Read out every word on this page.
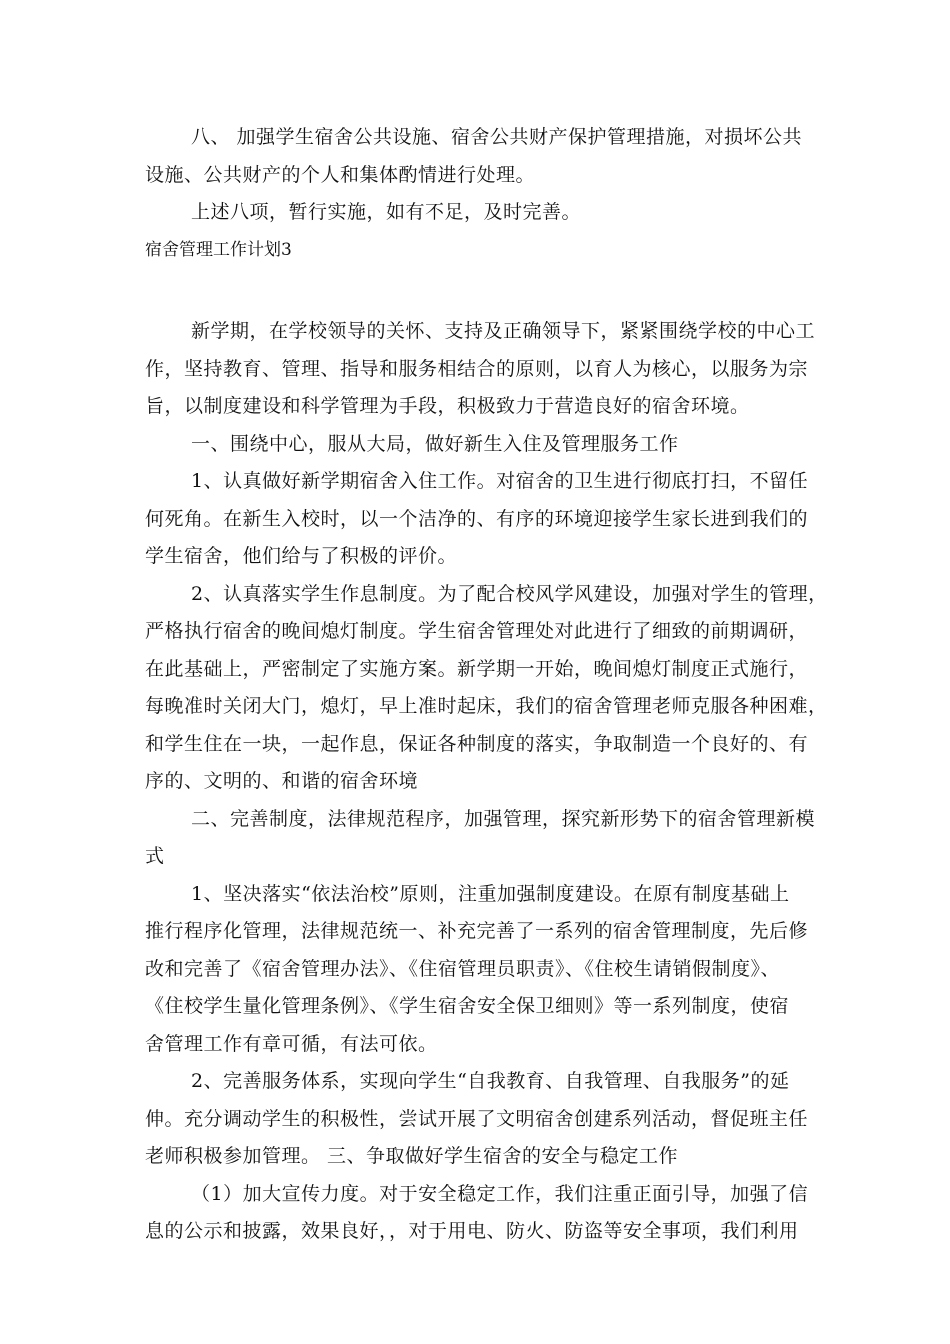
八、 加强学生宿舍公共设施、宿舍公共财产保护管理措施，对损坏公共
设施、公共财产的个人和集体酌情进行处理。
上述八项，暂行实施，如有不足，及时完善。
宿舍管理工作计划3
新学期，在学校领导的关怀、支持及正确领导下，紧紧围绕学校的中心工
作，坚持教育、管理、指导和服务相结合的原则，以育人为核心，以服务为宗
旨，以制度建设和科学管理为手段，积极致力于营造良好的宿舍环境。
一、围绕中心，服从大局，做好新生入住及管理服务工作
1、认真做好新学期宿舍入住工作。对宿舍的卫生进行彻底打扫，不留任
何死角。在新生入校时，以一个洁净的、有序的环境迎接学生家长进到我们的
学生宿舍，他们给与了积极的评价。
2、认真落实学生作息制度。为了配合校风学风建设，加强对学生的管理，
严格执行宿舍的晚间熄灯制度。学生宿舍管理处对此进行了细致的前期调研，
在此基础上，严密制定了实施方案。新学期一开始，晚间熄灯制度正式施行，
每晚准时关闭大门，熄灯，早上准时起床，我们的宿舍管理老师克服各种困难，
和学生住在一块，一起作息，保证各种制度的落实，争取制造一个良好的、有
序的、文明的、和谐的宿舍环境
二、完善制度，法律规范程序，加强管理，探究新形势下的宿舍管理新模
式
1、坚决落实“依法治校”原则，注重加强制度建设。在原有制度基础上
推行程序化管理，法律规范统一、补充完善了一系列的宿舍管理制度，先后修
改和完善了《宿舍管理办法》、《住宿管理员职责》、《住校生请销假制度》、
《住校学生量化管理条例》、《学生宿舍安全保卫细则》等一系列制度，使宿
舍管理工作有章可循，有法可依。
2、完善服务体系，实现向学生“自我教育、自我管理、自我服务”的延
伸。充分调动学生的积极性，尝试开展了文明宿舍创建系列活动，督促班主任
老师积极参加管理。 三、争取做好学生宿舍的安全与稳定工作
（1）加大宣传力度。对于安全稳定工作，我们注重正面引导，加强了信
息的公示和披露，效果良好，，对于用电、防火、防盗等安全事项，我们利用
